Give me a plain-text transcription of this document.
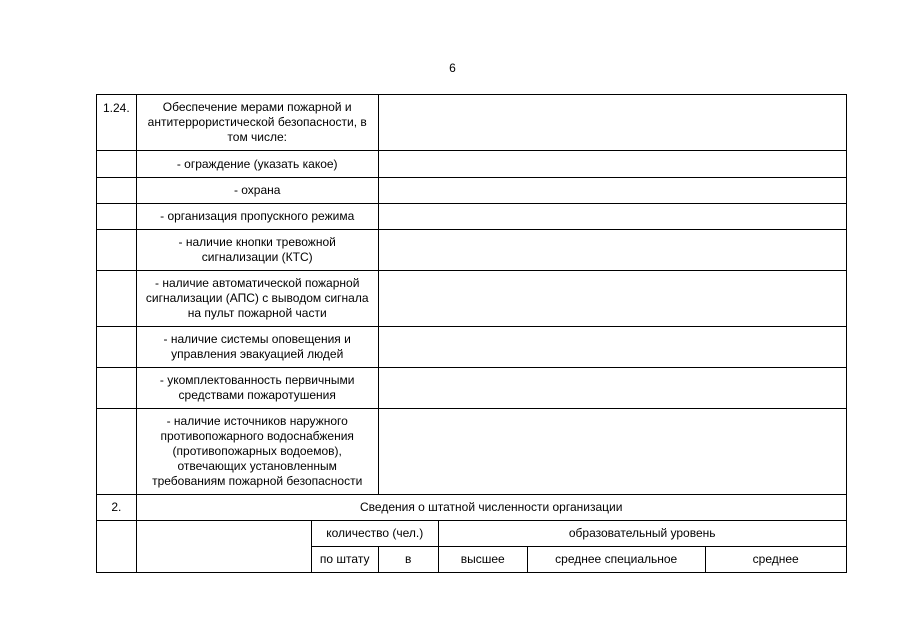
6
1.24.	Обеспечение мерами пожарной и антитеррористической безопасности, в том числе:					
	- ограждение (указать какое)					
	- охрана					
	- организация пропускного режима					
	- наличие кнопки тревожной сигнализации (КТС)					
	- наличие автоматической пожарной сигнализации (АПС) с выводом сигнала на пульт пожарной части					
	- наличие системы оповещения и управления эвакуацией людей					
	- укомплектованность первичными средствами пожаротушения					
	- наличие источников наружного противопожарного водоснабжения (противопожарных водоемов), отвечающих установленным требованиям пожарной безопасности					
2.	Сведения о штатной численности организации					
		количество (чел.)		образовательный уровень		
		по штату	в	высшее	среднее специальное	среднее
